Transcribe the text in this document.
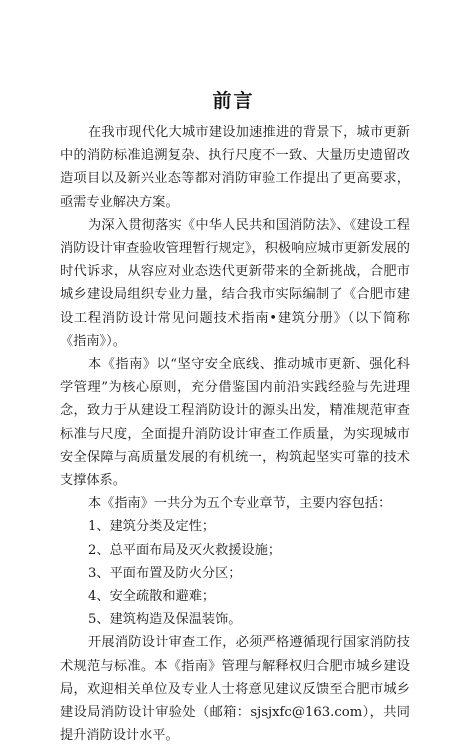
前言

在我市现代化大城市建设加速推进的背景下，城市更新中的消防标准追溯复杂、执行尺度不一致、大量历史遗留改造项目以及新兴业态等都对消防审验工作提出了更高要求，亟需专业解决方案。

为深入贯彻落实《中华人民共和国消防法》、《建设工程消防设计审查验收管理暂行规定》，积极响应城市更新发展的时代诉求，从容应对业态迭代更新带来的全新挑战，合肥市城乡建设局组织专业力量，结合我市实际编制了《合肥市建设工程消防设计常见问题技术指南•建筑分册》（以下简称《指南》）。

本《指南》以“坚守安全底线、推动城市更新、强化科学管理”为核心原则，充分借鉴国内前沿实践经验与先进理念，致力于从建设工程消防设计的源头出发，精准规范审查标准与尺度，全面提升消防设计审查工作质量，为实现城市安全保障与高质量发展的有机统一，构筑起坚实可靠的技术支撑体系。

本《指南》一共分为五个专业章节，主要内容包括：

1、建筑分类及定性；

2、总平面布局及灭火救援设施；

3、平面布置及防火分区；

4、安全疏散和避难；

5、建筑构造及保温装饰。

开展消防设计审查工作，必须严格遵循现行国家消防技术规范与标准。本《指南》管理与解释权归合肥市城乡建设局，欢迎相关单位及专业人士将意见建议反馈至合肥市城乡建设局消防设计审验处（邮箱：sjsjxfc@163.com），共同提升消防设计水平。
